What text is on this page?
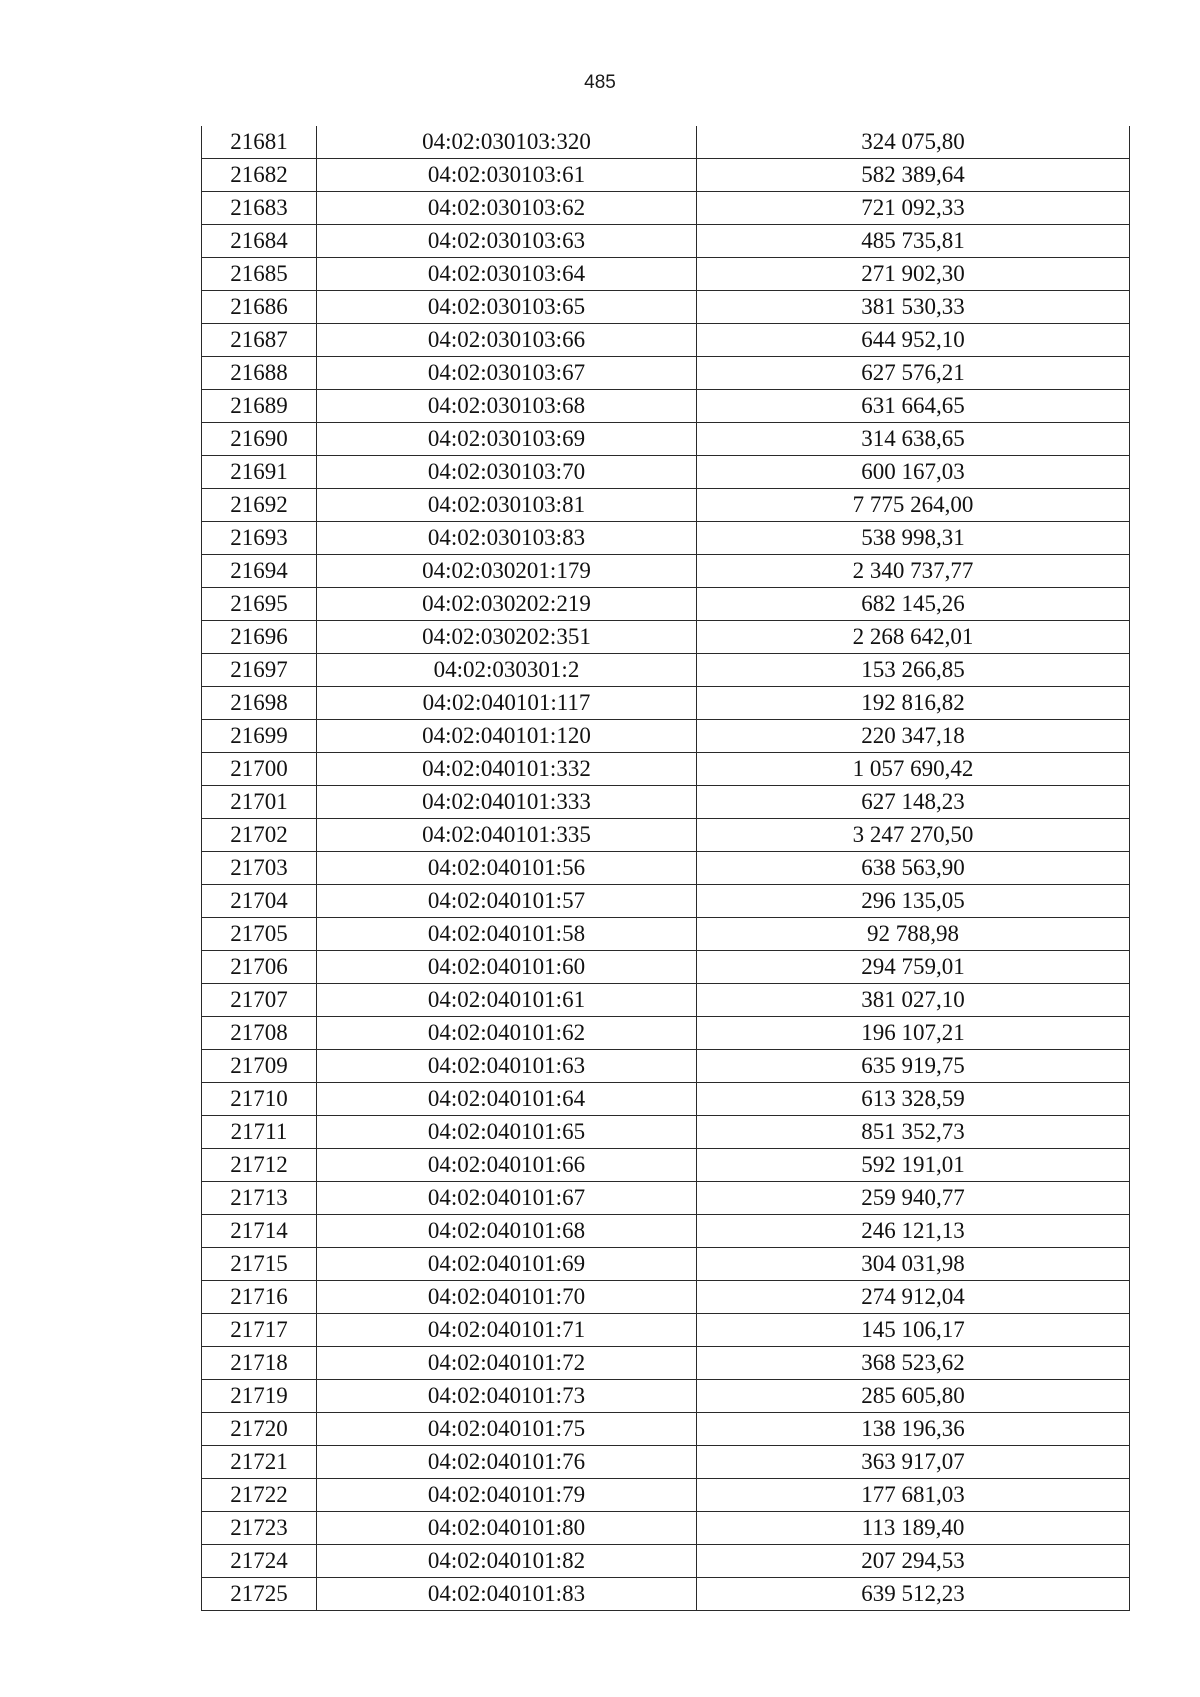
485
21681	04:02:030103:320	324 075,80
21682	04:02:030103:61	582 389,64
21683	04:02:030103:62	721 092,33
21684	04:02:030103:63	485 735,81
21685	04:02:030103:64	271 902,30
21686	04:02:030103:65	381 530,33
21687	04:02:030103:66	644 952,10
21688	04:02:030103:67	627 576,21
21689	04:02:030103:68	631 664,65
21690	04:02:030103:69	314 638,65
21691	04:02:030103:70	600 167,03
21692	04:02:030103:81	7 775 264,00
21693	04:02:030103:83	538 998,31
21694	04:02:030201:179	2 340 737,77
21695	04:02:030202:219	682 145,26
21696	04:02:030202:351	2 268 642,01
21697	04:02:030301:2	153 266,85
21698	04:02:040101:117	192 816,82
21699	04:02:040101:120	220 347,18
21700	04:02:040101:332	1 057 690,42
21701	04:02:040101:333	627 148,23
21702	04:02:040101:335	3 247 270,50
21703	04:02:040101:56	638 563,90
21704	04:02:040101:57	296 135,05
21705	04:02:040101:58	92 788,98
21706	04:02:040101:60	294 759,01
21707	04:02:040101:61	381 027,10
21708	04:02:040101:62	196 107,21
21709	04:02:040101:63	635 919,75
21710	04:02:040101:64	613 328,59
21711	04:02:040101:65	851 352,73
21712	04:02:040101:66	592 191,01
21713	04:02:040101:67	259 940,77
21714	04:02:040101:68	246 121,13
21715	04:02:040101:69	304 031,98
21716	04:02:040101:70	274 912,04
21717	04:02:040101:71	145 106,17
21718	04:02:040101:72	368 523,62
21719	04:02:040101:73	285 605,80
21720	04:02:040101:75	138 196,36
21721	04:02:040101:76	363 917,07
21722	04:02:040101:79	177 681,03
21723	04:02:040101:80	113 189,40
21724	04:02:040101:82	207 294,53
21725	04:02:040101:83	639 512,23
